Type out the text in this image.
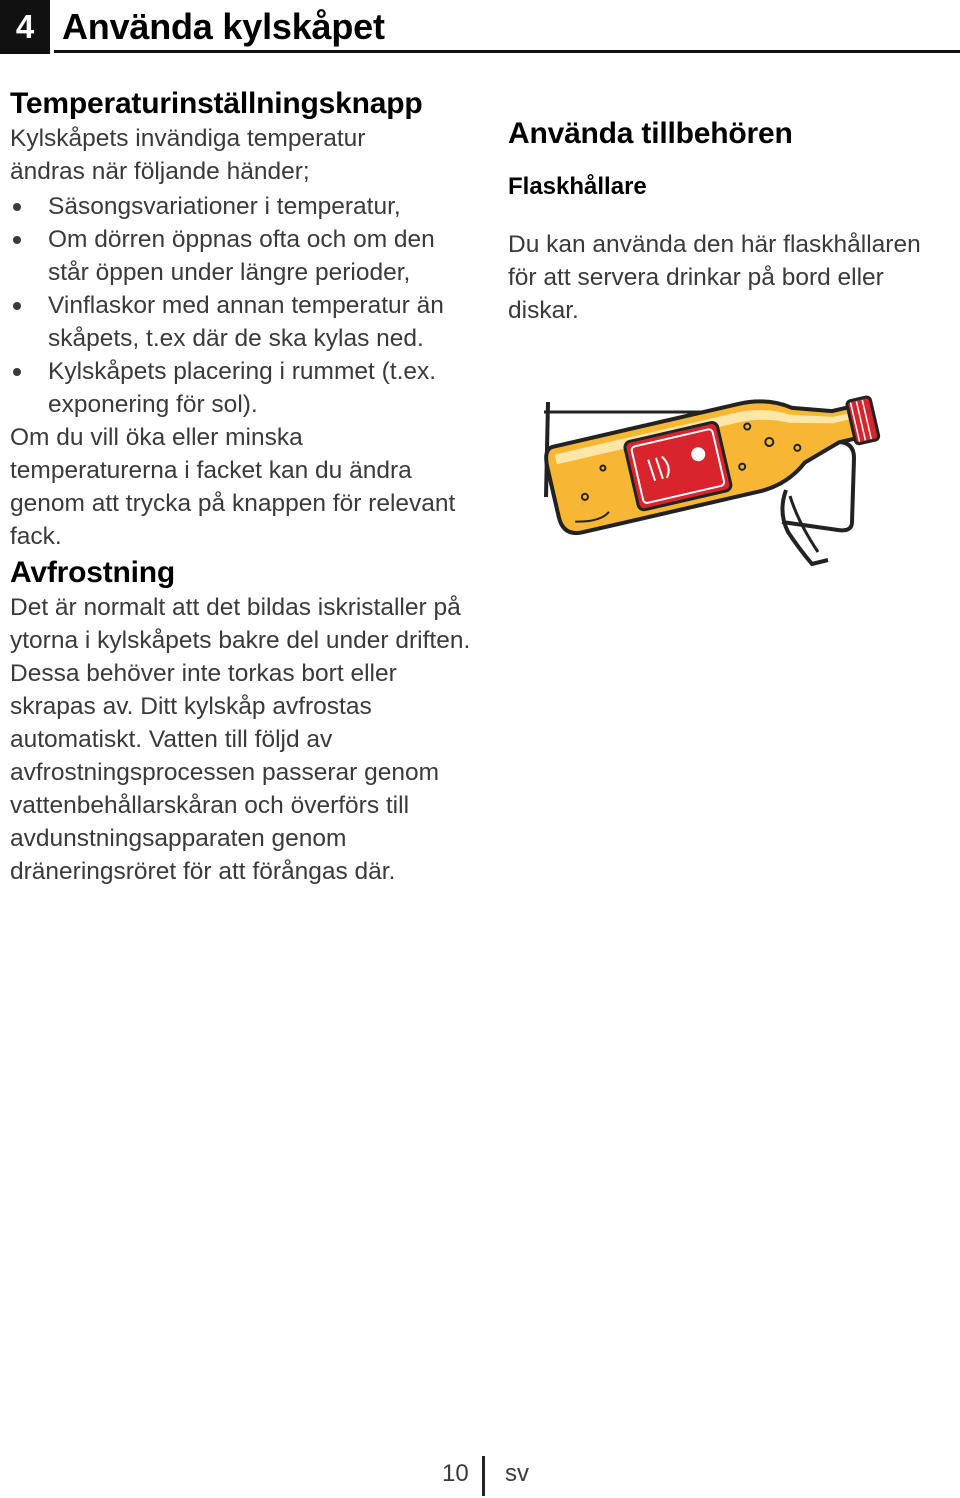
4 Använda kylskåpet
Temperaturinställningsknapp

Kylskåpets invändiga temperatur ändras när följande händer;

Säsongsvariationer i temperatur,
Om dörren öppnas ofta och om den står öppen under längre perioder,
Vinflaskor med annan temperatur än skåpets, t.ex där de ska kylas ned.
Kylskåpets placering i rummet (t.ex. exponering för sol).

Om du vill öka eller minska temperaturerna i facket kan du ändra genom att trycka på knappen för relevant fack.

Avfrostning

Det är normalt att det bildas iskristaller på ytorna i kylskåpets bakre del under driften. Dessa behöver inte torkas bort eller skrapas av. Ditt kylskåp avfrostas automatiskt. Vatten till följd av avfrostningsprocessen passerar genom vattenbehållarskåran och överförs till avdunstningsapparaten genom dräneringsröret för att förångas där.

Använda tillbehören
Flaskhållare

Du kan använda den här flaskhållaren för att servera drinkar på bord eller diskar.

10 sv
